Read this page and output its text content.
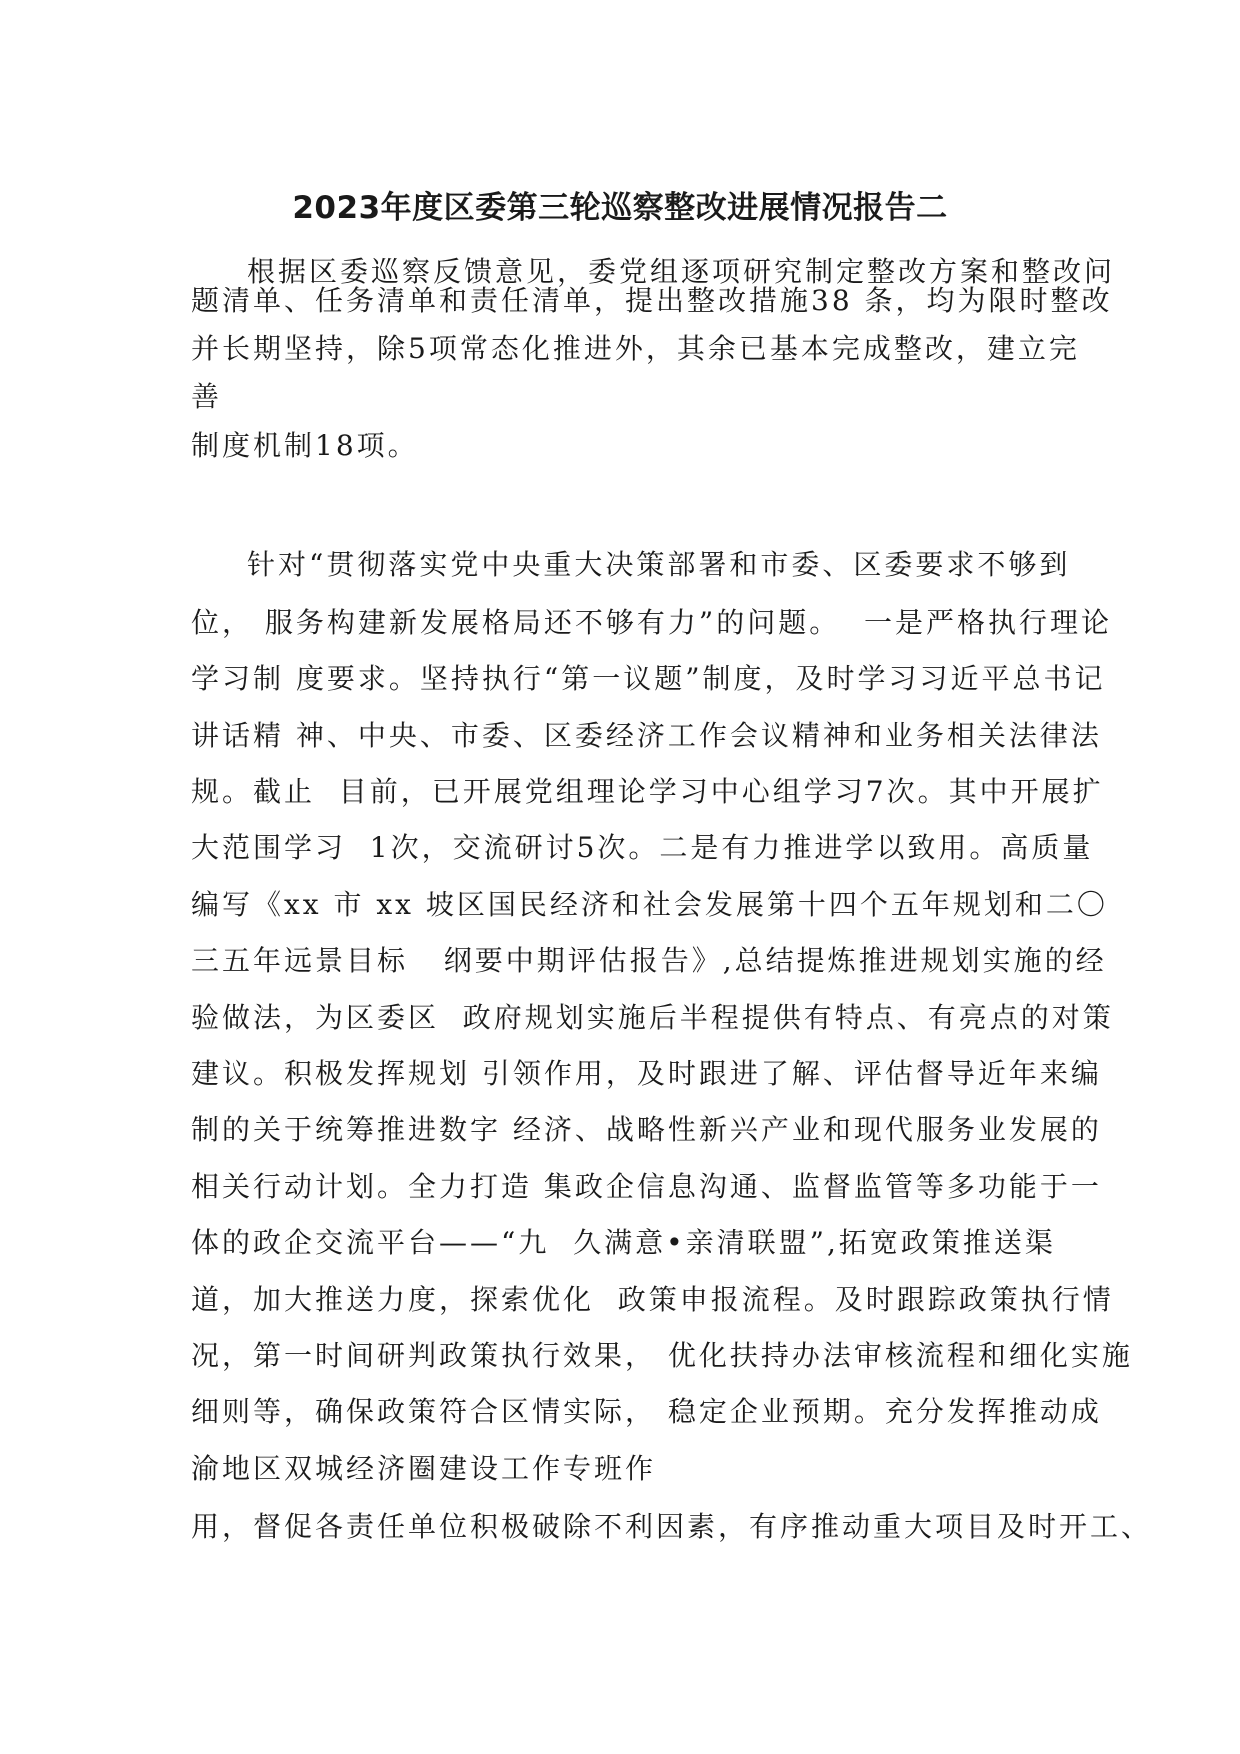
2023年度区委第三轮巡察整改进展情况报告二
根据区委巡察反馈意见，委党组逐项研究制定整改方案和整改问
题清单、任务清单和责任清单，提出整改措施38 条，均为限时整改
并长期坚持，除5项常态化推进外，其余已基本完成整改，建立完
善
制度机制18项。
针对“贯彻落实党中央重大决策部署和市委、区委要求不够到
位， 服务构建新发展格局还不够有力”的问题。  一是严格执行理论
学习制 度要求。坚持执行“第一议题”制度，及时学习习近平总书记
讲话精 神、中央、市委、区委经济工作会议精神和业务相关法律法
规。截止  目前，已开展党组理论学习中心组学习7次。其中开展扩
大范围学习  1次，交流研讨5次。二是有力推进学以致用。高质量
编写《xx 市 xx 坡区国民经济和社会发展第十四个五年规划和二〇
三五年远景目标   纲要中期评估报告》,总结提炼推进规划实施的经
验做法，为区委区  政府规划实施后半程提供有特点、有亮点的对策
建议。积极发挥规划 引领作用，及时跟进了解、评估督导近年来编
制的关于统筹推进数字 经济、战略性新兴产业和现代服务业发展的
相关行动计划。全力打造 集政企信息沟通、监督监管等多功能于一
体的政企交流平台——“九  久满意•亲清联盟”,拓宽政策推送渠
道，加大推送力度，探索优化  政策申报流程。及时跟踪政策执行情
况，第一时间研判政策执行效果， 优化扶持办法审核流程和细化实施
细则等，确保政策符合区情实际， 稳定企业预期。充分发挥推动成
渝地区双城经济圈建设工作专班作
用，督促各责任单位积极破除不利因素，有序推动重大项目及时开工、
